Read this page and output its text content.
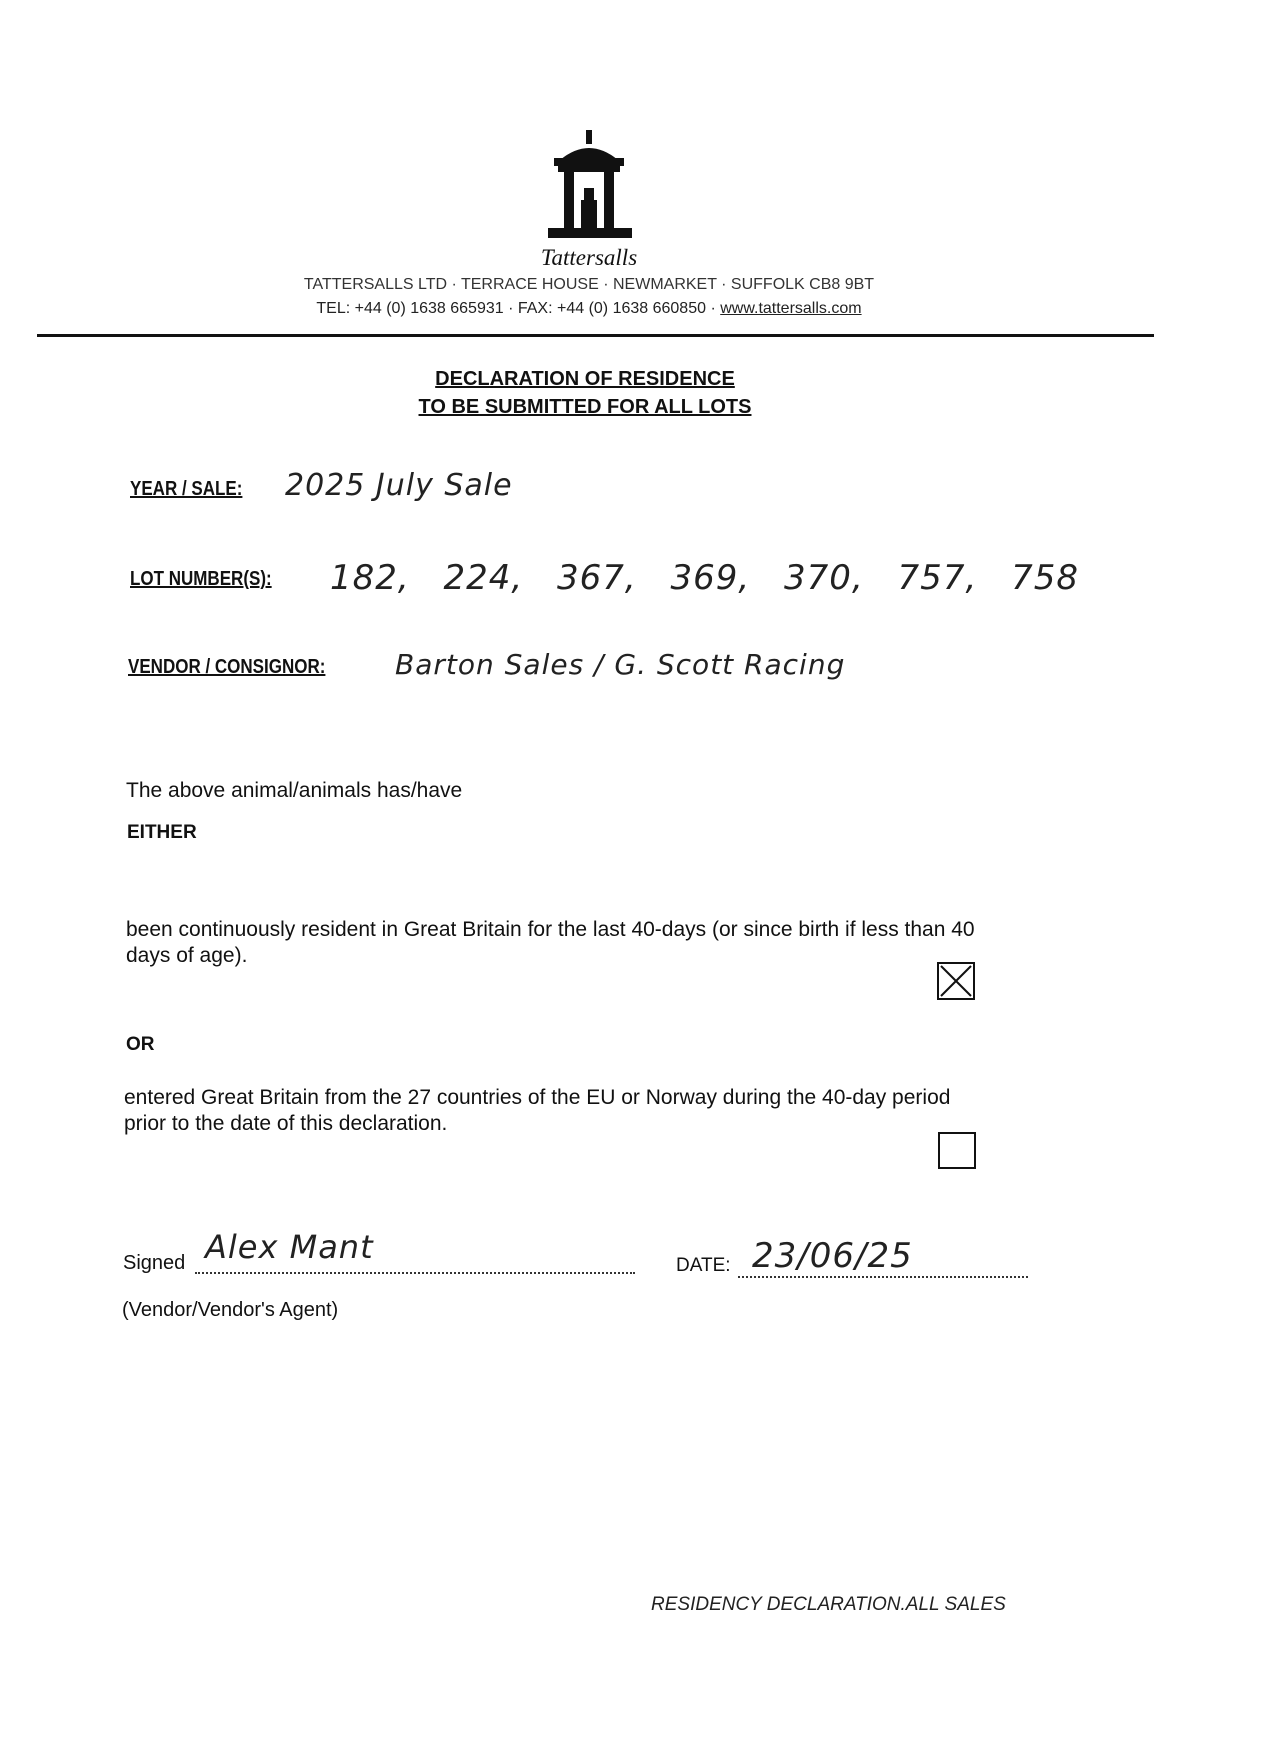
Tattersalls
TATTERSALLS LTD · TERRACE HOUSE · NEWMARKET · SUFFOLK CB8 9BT
TEL: +44 (0) 1638 665931 · FAX: +44 (0) 1638 660850 · www.tattersalls.com
DECLARATION OF RESIDENCE
TO BE SUBMITTED FOR ALL LOTS
YEAR / SALE: 2025 July Sale
LOT NUMBER(S): 182, 224, 367, 369, 370, 757, 758
VENDOR / CONSIGNOR: Barton Sales / G. Scott Racing
The above animal/animals has/have
EITHER
been continuously resident in Great Britain for the last 40-days (or since birth if less than 40
days of age).
OR
entered Great Britain from the 27 countries of the EU or Norway during the 40-day period
prior to the date of this declaration.
Signed Alex Mant	DATE: 23/06/25
(Vendor/Vendor's Agent)
RESIDENCY DECLARATION.ALL SALES
